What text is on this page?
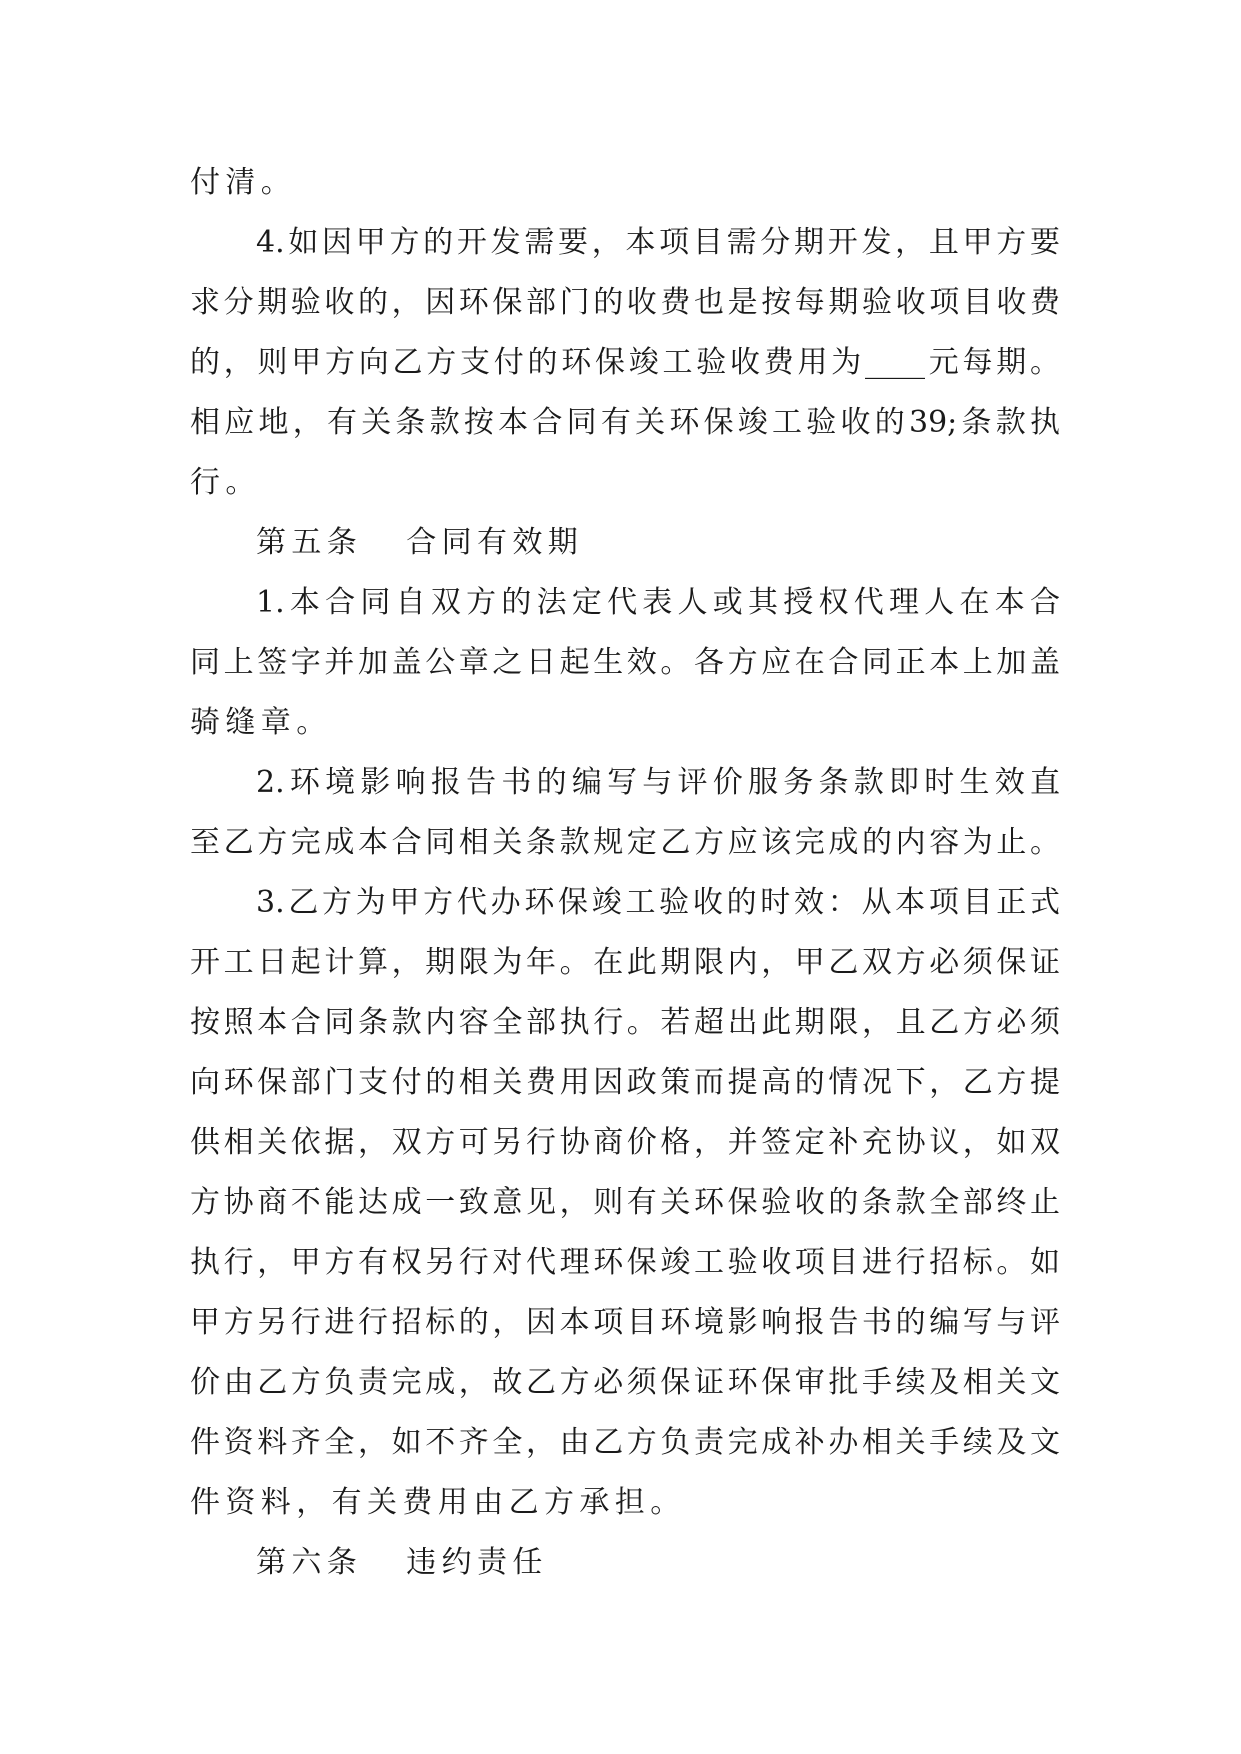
付清。
4.如因甲方的开发需要，本项目需分期开发，且甲方要
求分期验收的，因环保部门的收费也是按每期验收项目收费
的，则甲方向乙方支付的环保竣工验收费用为____元每期。
相应地，有关条款按本合同有关环保竣工验收的39;条款执
行。
第五条 合同有效期
1.本合同自双方的法定代表人或其授权代理人在本合
同上签字并加盖公章之日起生效。各方应在合同正本上加盖
骑缝章。
2.环境影响报告书的编写与评价服务条款即时生效直
至乙方完成本合同相关条款规定乙方应该完成的内容为止。
3.乙方为甲方代办环保竣工验收的时效：从本项目正式
开工日起计算，期限为年。在此期限内，甲乙双方必须保证
按照本合同条款内容全部执行。若超出此期限，且乙方必须
向环保部门支付的相关费用因政策而提高的情况下，乙方提
供相关依据，双方可另行协商价格，并签定补充协议，如双
方协商不能达成一致意见，则有关环保验收的条款全部终止
执行，甲方有权另行对代理环保竣工验收项目进行招标。如
甲方另行进行招标的，因本项目环境影响报告书的编写与评
价由乙方负责完成，故乙方必须保证环保审批手续及相关文
件资料齐全，如不齐全，由乙方负责完成补办相关手续及文
件资料，有关费用由乙方承担。
第六条 违约责任
